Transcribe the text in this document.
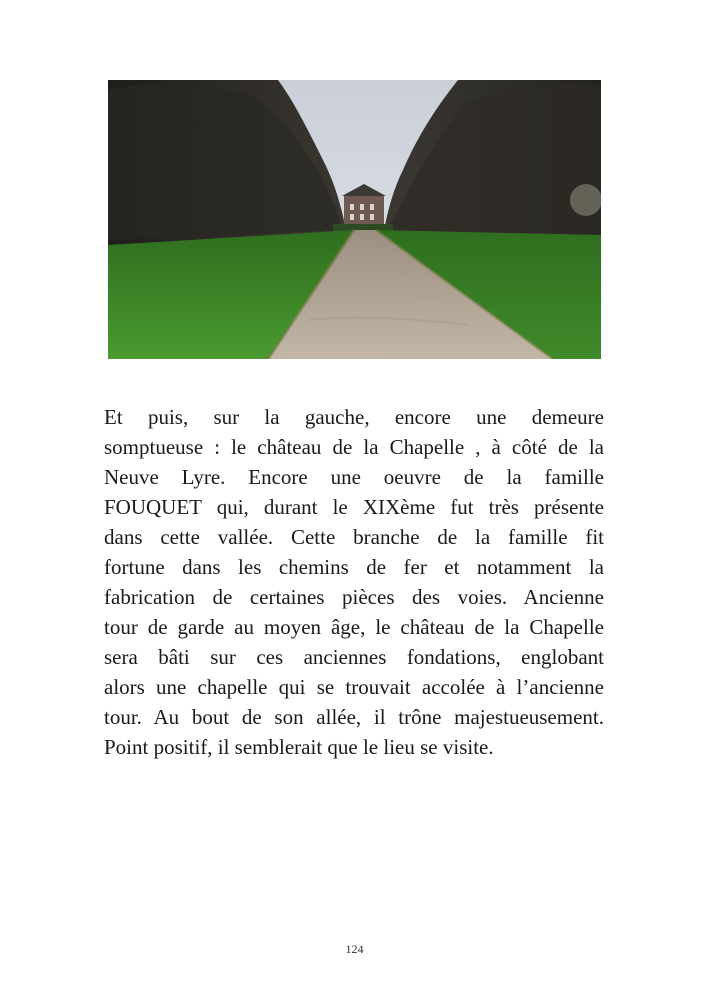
Et puis, sur la gauche, encore une demeure
somptueuse : le château de la Chapelle , à côté de la
Neuve Lyre. Encore une oeuvre de la famille
FOUQUET qui, durant le XIXème fut très présente
dans cette vallée. Cette branche de la famille fit
fortune dans les chemins de fer et notamment la
fabrication de certaines pièces des voies. Ancienne
tour de garde au moyen âge, le château de la Chapelle
sera bâti sur ces anciennes fondations, englobant
alors une chapelle qui se trouvait accolée à l’ancienne
tour. Au bout de son allée, il trône majestueusement.
Point positif, il semblerait que le lieu se visite.

124
